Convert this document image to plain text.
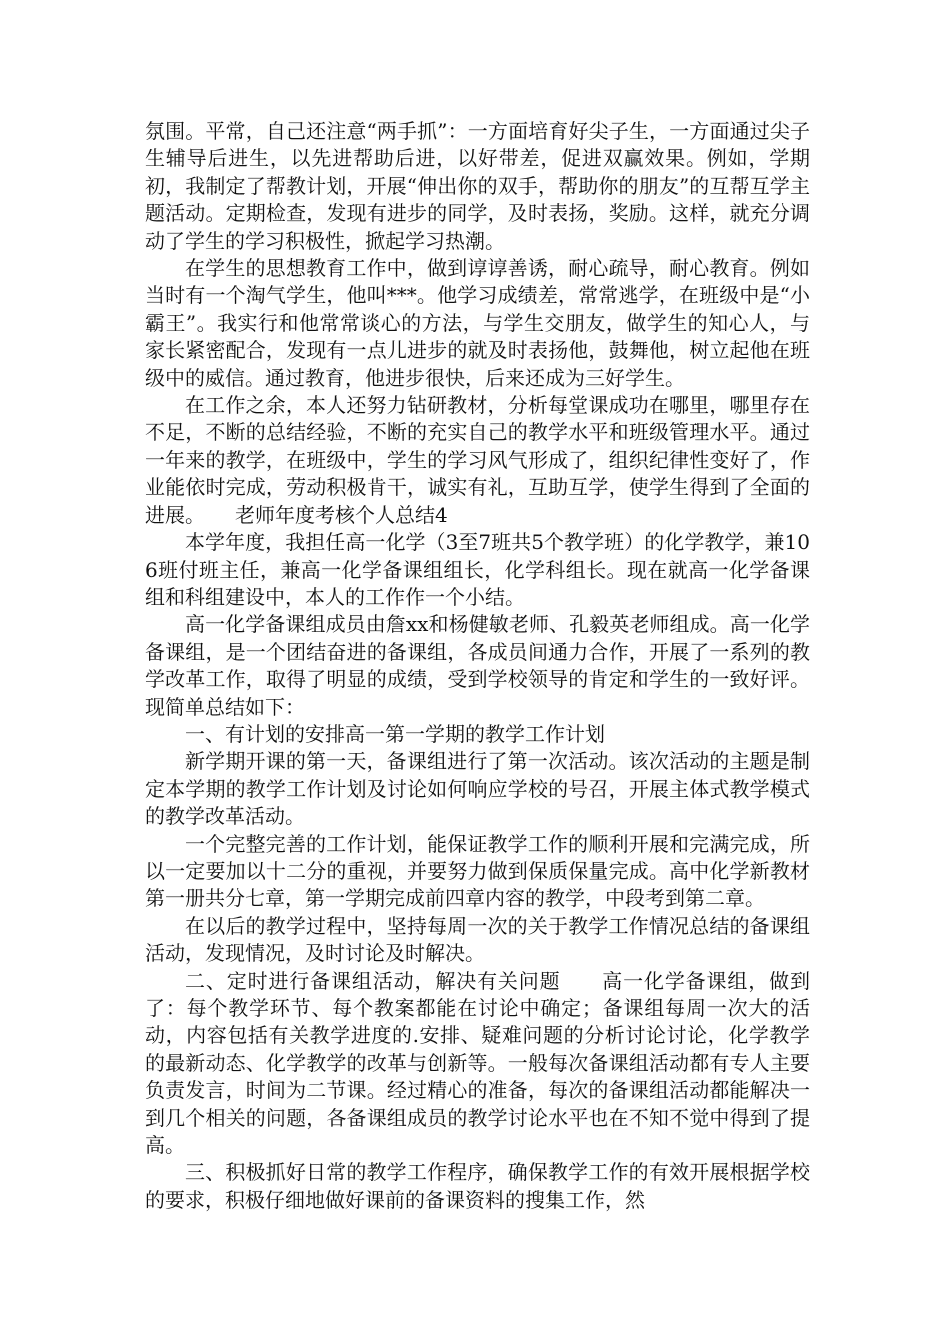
氛围。平常，自己还注意“两手抓”：一方面培育好尖子生，一方面通过尖子生辅导后进生，以先进帮助后进，以好带差，促进双赢效果。例如，学期初，我制定了帮教计划，开展“伸出你的双手，帮助你的朋友”的互帮互学主题活动。定期检查，发现有进步的同学，及时表扬，奖励。这样，就充分调动了学生的学习积极性，掀起学习热潮。

在学生的思想教育工作中，做到谆谆善诱，耐心疏导，耐心教育。例如当时有一个淘气学生，他叫***。他学习成绩差，常常逃学，在班级中是“小霸王”。我实行和他常常谈心的方法，与学生交朋友，做学生的知心人，与家长紧密配合，发现有一点儿进步的就及时表扬他，鼓舞他，树立起他在班级中的威信。通过教育，他进步很快，后来还成为三好学生。

在工作之余，本人还努力钻研教材，分析每堂课成功在哪里，哪里存在不足，不断的总结经验，不断的充实自己的教学水平和班级管理水平。通过一年来的教学，在班级中，学生的学习风气形成了，组织纪律性变好了，作业能依时完成，劳动积极肯干，诚实有礼，互助互学，使学生得到了全面的进展。　　老师年度考核个人总结4

本学年度，我担任高一化学（3至7班共5个教学班）的化学教学，兼106班付班主任，兼高一化学备课组组长，化学科组长。现在就高一化学备课组和科组建设中，本人的工作作一个小结。

高一化学备课组成员由詹xx和杨健敏老师、孔毅英老师组成。高一化学备课组，是一个团结奋进的备课组，各成员间通力合作，开展了一系列的教学改革工作，取得了明显的成绩，受到学校领导的肯定和学生的一致好评。现简单总结如下：

一、有计划的安排高一第一学期的教学工作计划

新学期开课的第一天，备课组进行了第一次活动。该次活动的主题是制定本学期的教学工作计划及讨论如何响应学校的号召，开展主体式教学模式的教学改革活动。

一个完整完善的工作计划，能保证教学工作的顺利开展和完满完成，所以一定要加以十二分的重视，并要努力做到保质保量完成。高中化学新教材第一册共分七章，第一学期完成前四章内容的教学，中段考到第二章。

在以后的教学过程中，坚持每周一次的关于教学工作情况总结的备课组活动，发现情况，及时讨论及时解决。

二、定时进行备课组活动，解决有关问题　　高一化学备课组，做到了：每个教学环节、每个教案都能在讨论中确定；备课组每周一次大的活动，内容包括有关教学进度的.安排、疑难问题的分析讨论讨论，化学教学的最新动态、化学教学的改革与创新等。一般每次备课组活动都有专人主要负责发言，时间为二节课。经过精心的准备，每次的备课组活动都能解决一到几个相关的问题，各备课组成员的教学讨论水平也在不知不觉中得到了提高。

三、积极抓好日常的教学工作程序，确保教学工作的有效开展根据学校的要求，积极仔细地做好课前的备课资料的搜集工作，然
